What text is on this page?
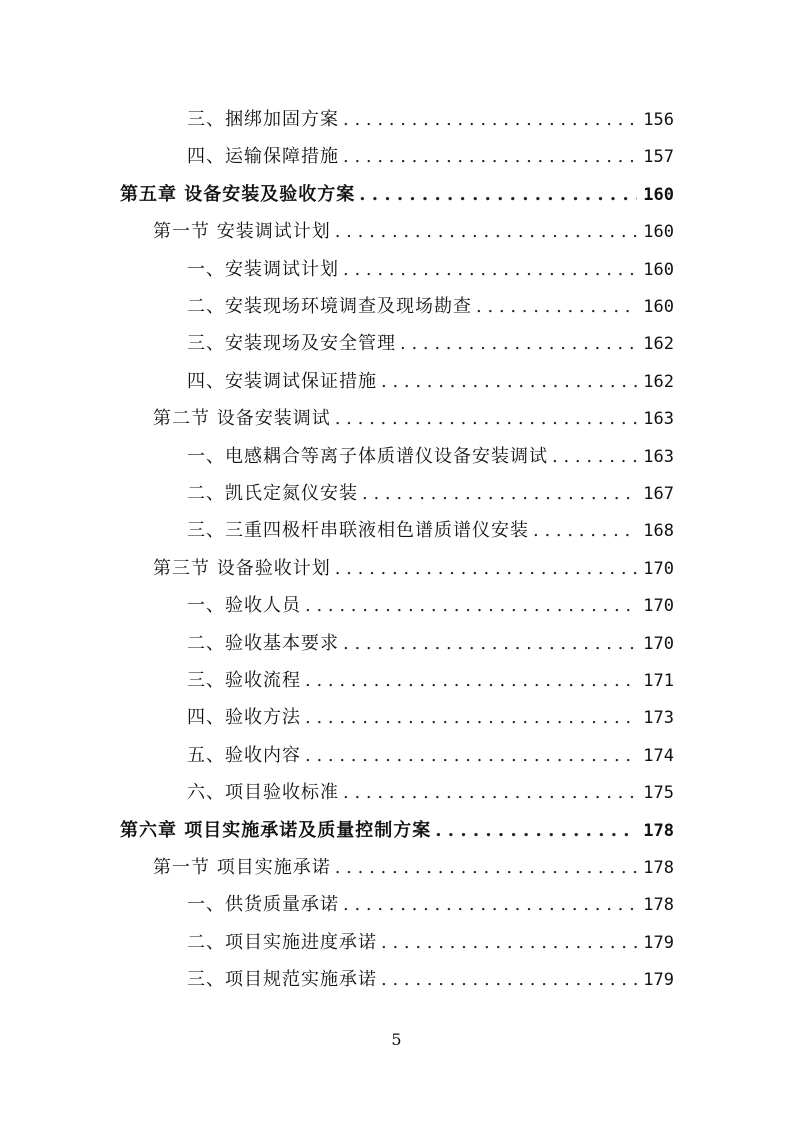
三、捆绑加固方案 . . .	156
四、运输保障措施 . . .	157
第五章 设备安装及验收方案 . . .	160
第一节 安装调试计划 . . .	160
一、安装调试计划 . . .	160
二、安装现场环境调查及现场勘查 . . .	160
三、安装现场及安全管理 . . .	162
四、安装调试保证措施 . . .	162
第二节 设备安装调试 . . .	163
一、电感耦合等离子体质谱仪设备安装调试 . . .	163
二、凯氏定氮仪安装 . . .	167
三、三重四极杆串联液相色谱质谱仪安装 . . .	168
第三节 设备验收计划 . . .	170
一、验收人员 . . .	170
二、验收基本要求 . . .	170
三、验收流程 . . .	171
四、验收方法 . . .	173
五、验收内容 . . .	174
六、项目验收标准 . . .	175
第六章 项目实施承诺及质量控制方案 . . .	178
第一节 项目实施承诺 . . .	178
一、供货质量承诺 . . .	178
二、项目实施进度承诺 . . .	179
三、项目规范实施承诺 . . .	179
5
